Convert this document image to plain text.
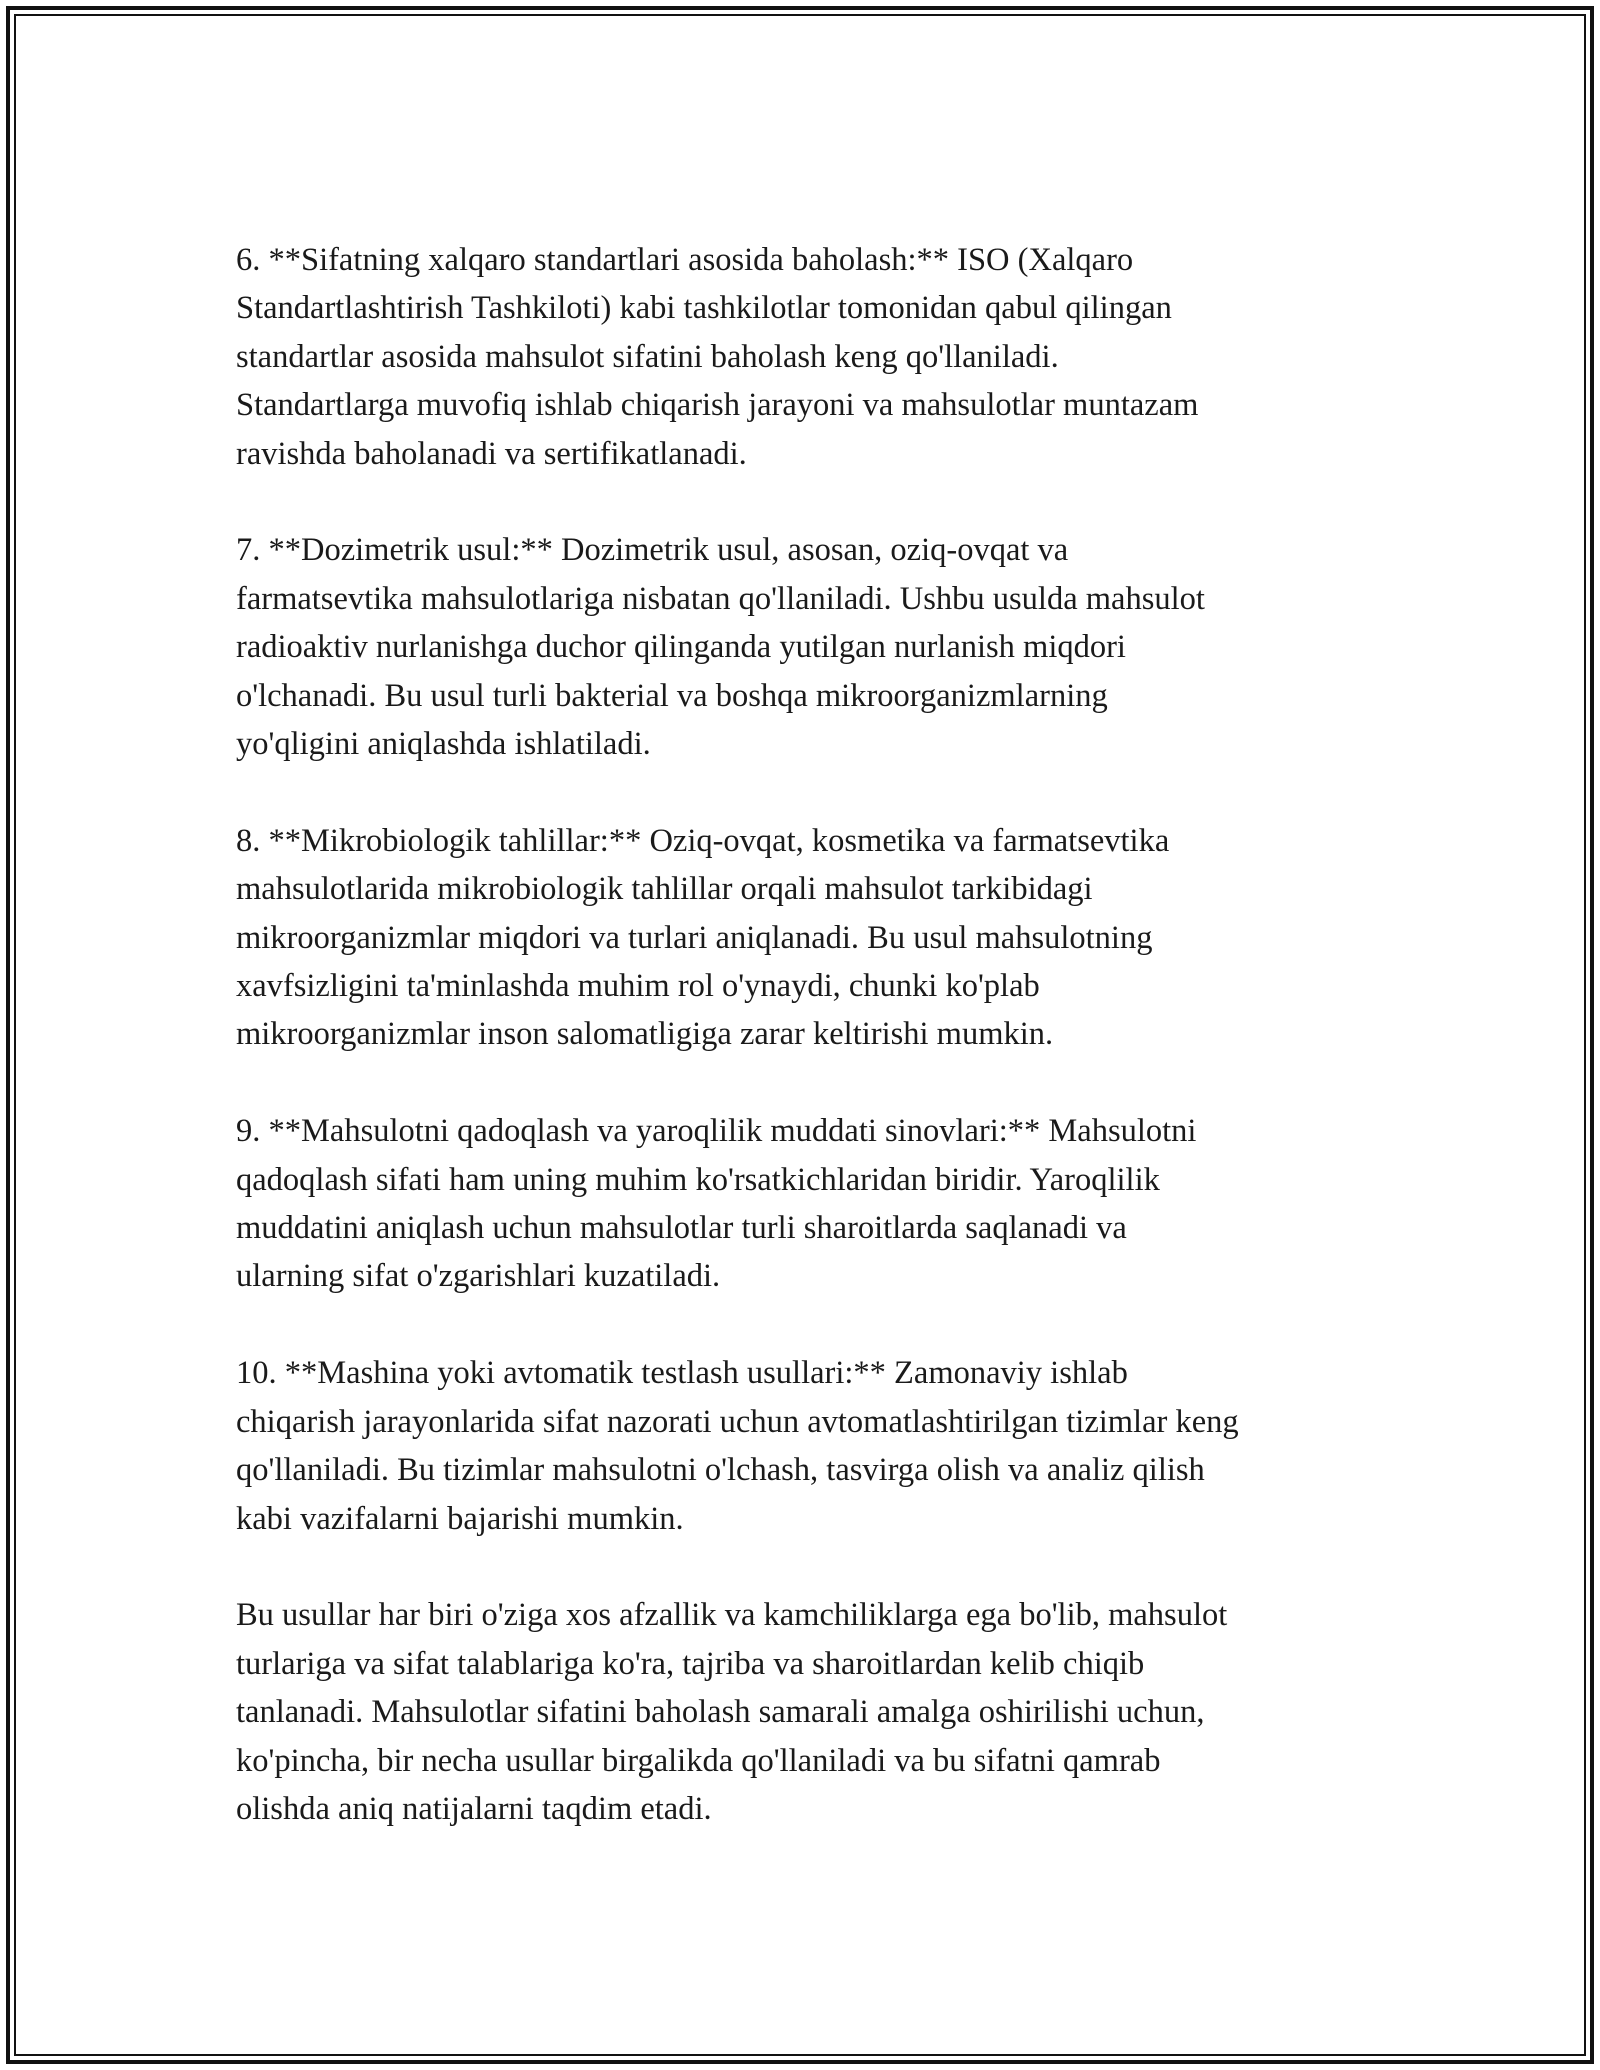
6. **Sifatning xalqaro standartlari asosida baholash:** ISO (Xalqaro
Standartlashtirish Tashkiloti) kabi tashkilotlar tomonidan qabul qilingan
standartlar asosida mahsulot sifatini baholash keng qo'llaniladi.
Standartlarga muvofiq ishlab chiqarish jarayoni va mahsulotlar muntazam
ravishda baholanadi va sertifikatlanadi.

7. **Dozimetrik usul:** Dozimetrik usul, asosan, oziq-ovqat va
farmatsevtika mahsulotlariga nisbatan qo'llaniladi. Ushbu usulda mahsulot
radioaktiv nurlanishga duchor qilinganda yutilgan nurlanish miqdori
o'lchanadi. Bu usul turli bakterial va boshqa mikroorganizmlarning
yo'qligini aniqlashda ishlatiladi.

8. **Mikrobiologik tahlillar:** Oziq-ovqat, kosmetika va farmatsevtika
mahsulotlarida mikrobiologik tahlillar orqali mahsulot tarkibidagi
mikroorganizmlar miqdori va turlari aniqlanadi. Bu usul mahsulotning
xavfsizligini ta'minlashda muhim rol o'ynaydi, chunki ko'plab
mikroorganizmlar inson salomatligiga zarar keltirishi mumkin.

9. **Mahsulotni qadoqlash va yaroqlilik muddati sinovlari:** Mahsulotni
qadoqlash sifati ham uning muhim ko'rsatkichlaridan biridir. Yaroqlilik
muddatini aniqlash uchun mahsulotlar turli sharoitlarda saqlanadi va
ularning sifat o'zgarishlari kuzatiladi.

10. **Mashina yoki avtomatik testlash usullari:** Zamonaviy ishlab
chiqarish jarayonlarida sifat nazorati uchun avtomatlashtirilgan tizimlar keng
qo'llaniladi. Bu tizimlar mahsulotni o'lchash, tasvirga olish va analiz qilish
kabi vazifalarni bajarishi mumkin.

Bu usullar har biri o'ziga xos afzallik va kamchiliklarga ega bo'lib, mahsulot
turlariga va sifat talablariga ko'ra, tajriba va sharoitlardan kelib chiqib
tanlanadi. Mahsulotlar sifatini baholash samarali amalga oshirilishi uchun,
ko'pincha, bir necha usullar birgalikda qo'llaniladi va bu sifatni qamrab
olishda aniq natijalarni taqdim etadi.
